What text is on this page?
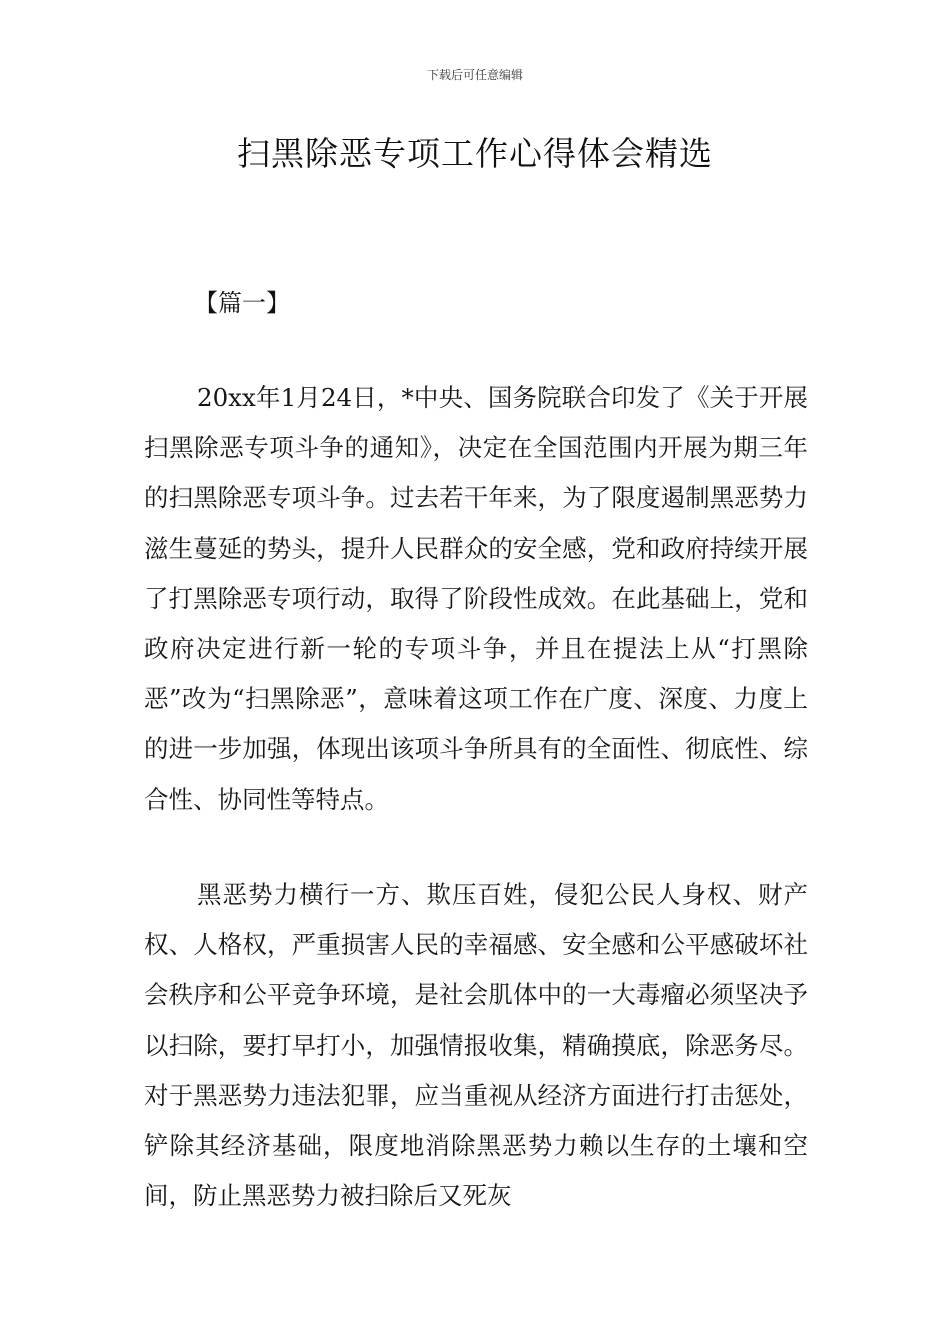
下载后可任意编辑
扫黑除恶专项工作心得体会精选
【篇一】

20xx年1月24日，*中央、国务院联合印发了《关于开展扫黑除恶专项斗争的通知》，决定在全国范围内开展为期三年的扫黑除恶专项斗争。过去若干年来，为了限度遏制黑恶势力滋生蔓延的势头，提升人民群众的安全感，党和政府持续开展了打黑除恶专项行动，取得了阶段性成效。在此基础上，党和政府决定进行新一轮的专项斗争，并且在提法上从“打黑除恶”改为“扫黑除恶”，意味着这项工作在广度、深度、力度上的进一步加强，体现出该项斗争所具有的全面性、彻底性、综合性、协同性等特点。

黑恶势力横行一方、欺压百姓，侵犯公民人身权、财产权、人格权，严重损害人民的幸福感、安全感和公平感破坏社会秩序和公平竞争环境，是社会肌体中的一大毒瘤必须坚决予以扫除，要打早打小，加强情报收集，精确摸底，除恶务尽。对于黑恶势力违法犯罪，应当重视从经济方面进行打击惩处，铲除其经济基础，限度地消除黑恶势力赖以生存的土壤和空间，防止黑恶势力被扫除后又死灰
